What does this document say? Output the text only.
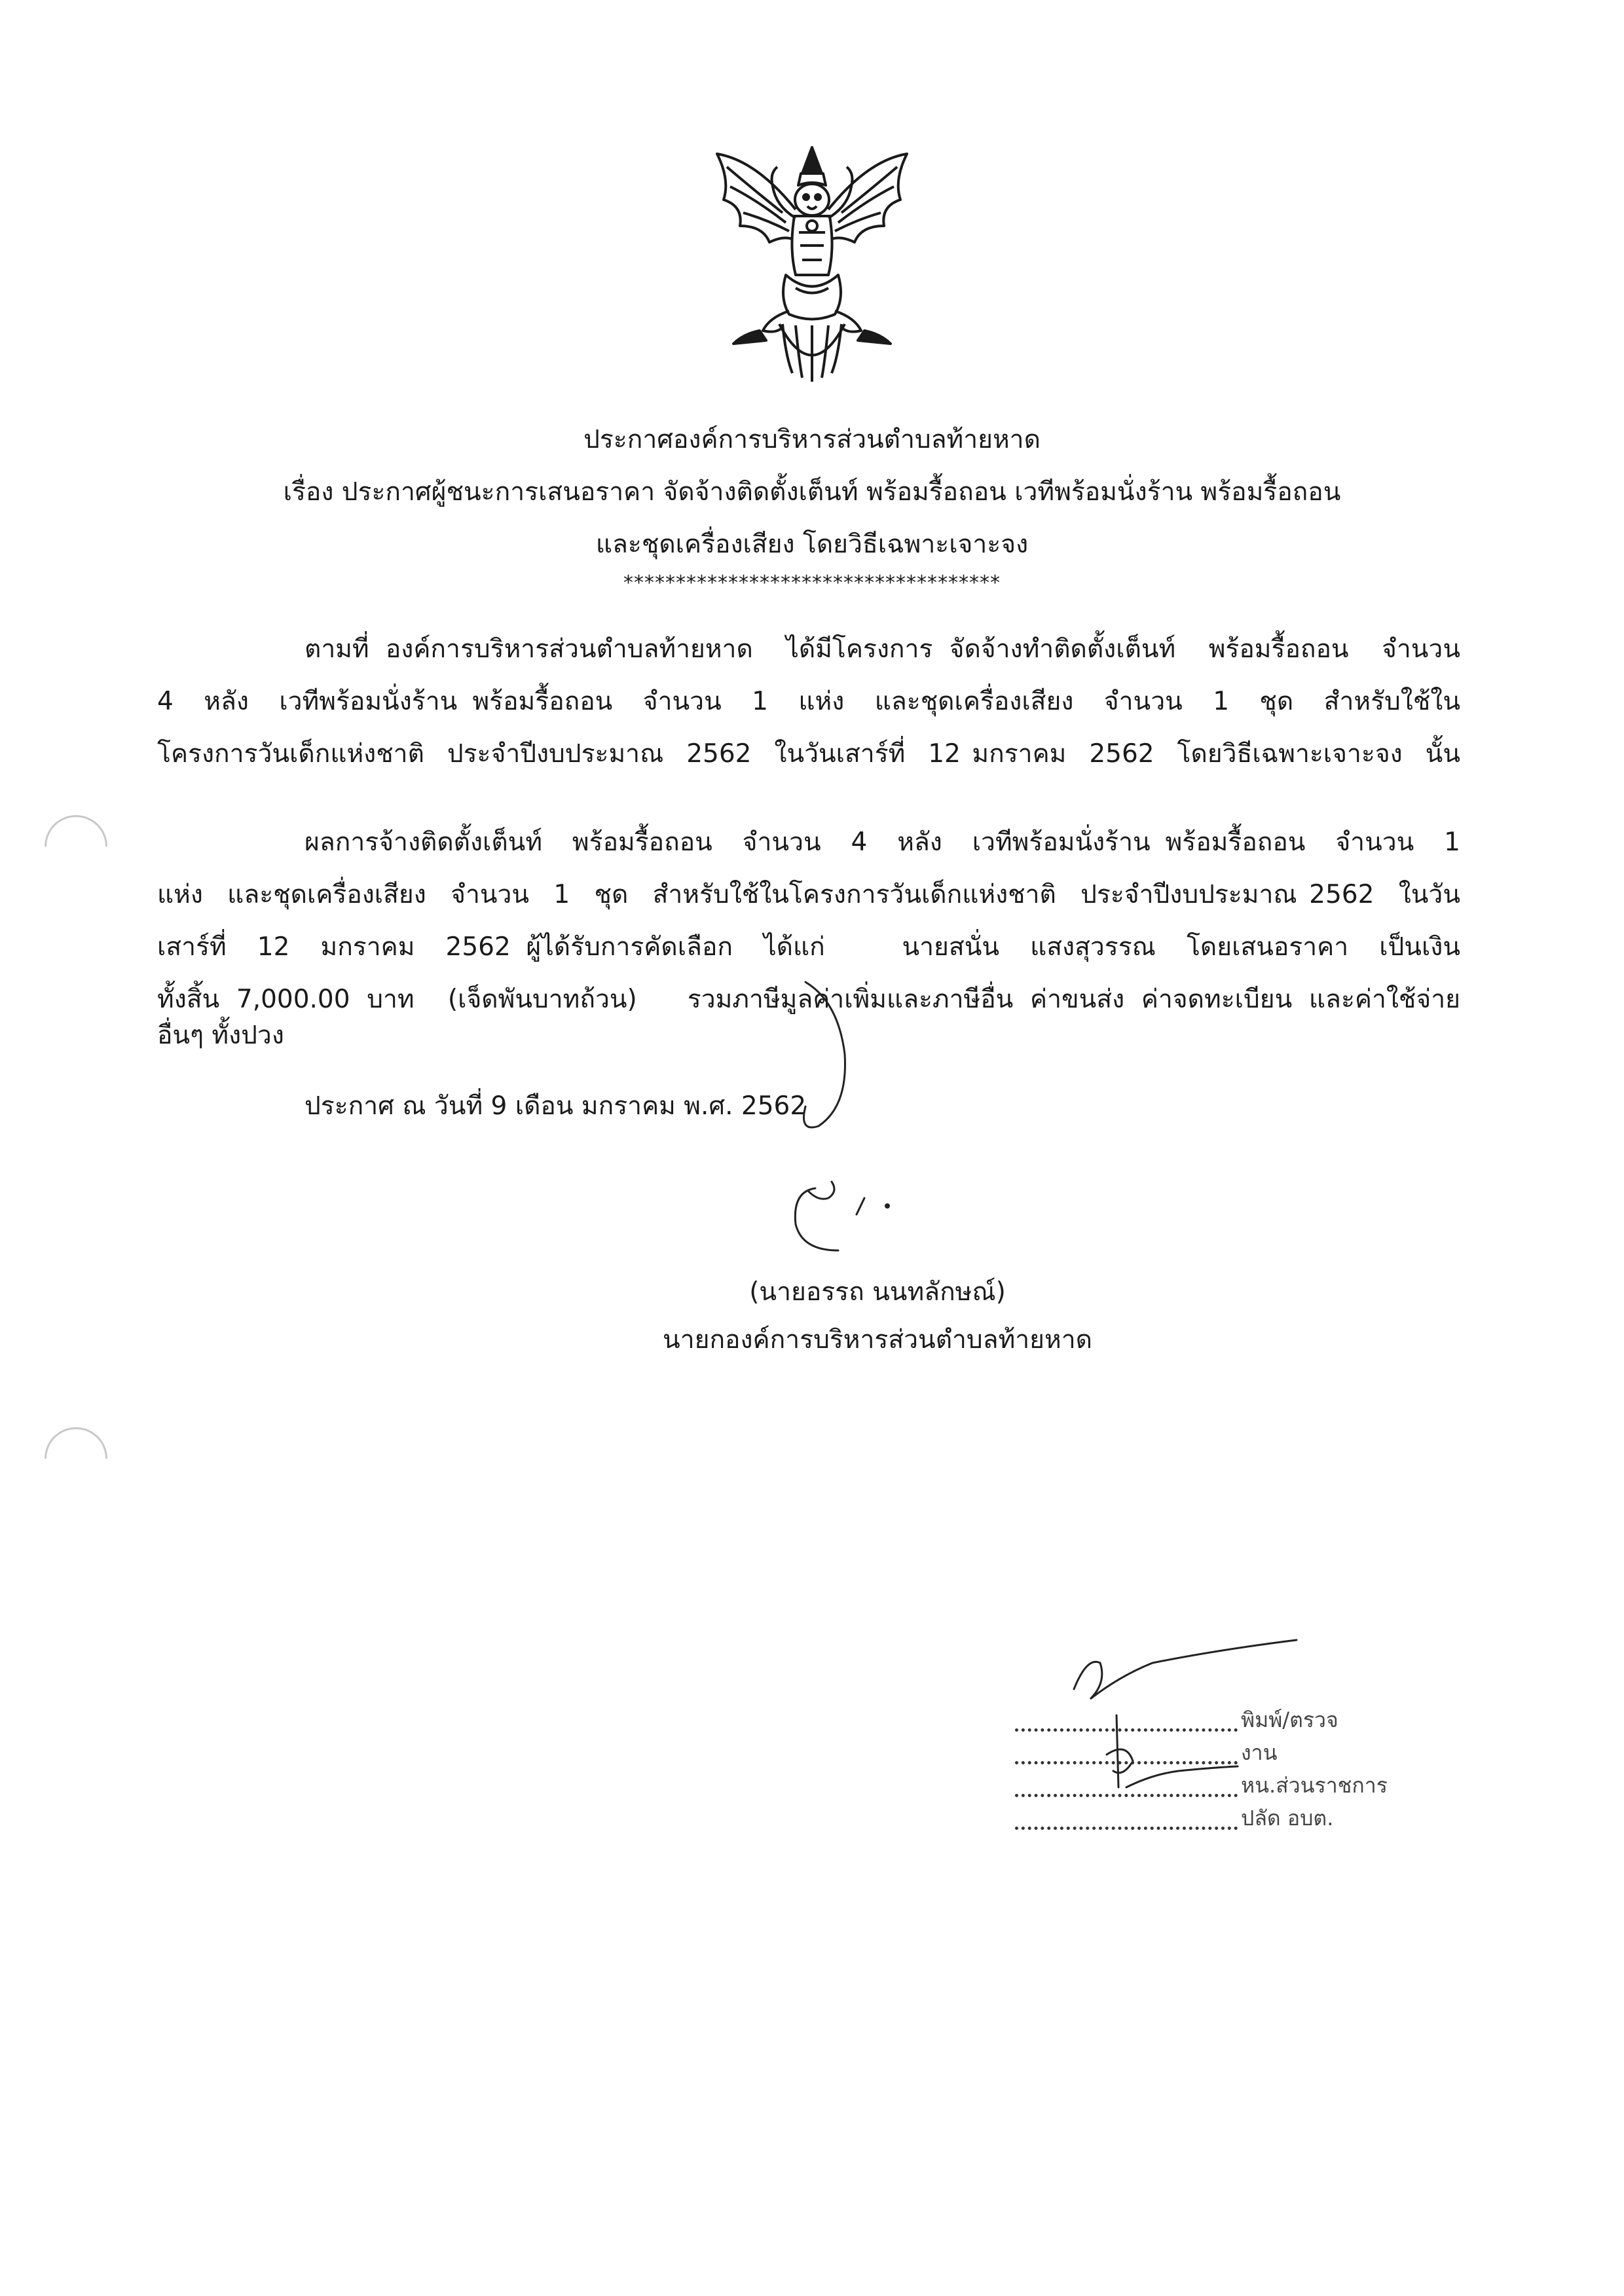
ประกาศองค์การบริหารส่วนตำบลท้ายหาด
เรื่อง ประกาศผู้ชนะการเสนอราคา จัดจ้างติดตั้งเต็นท์ พร้อมรื้อถอน เวทีพร้อมนั่งร้าน พร้อมรื้อถอน
และชุดเครื่องเสียง โดยวิธีเฉพาะเจาะจง
************************************
ตามที่ องค์การบริหารส่วนตำบลท้ายหาด  ได้มีโครงการ จัดจ้างทำติดตั้งเต็นท์  พร้อมรื้อถอน  จำนวน
4  หลัง  เวทีพร้อมนั่งร้าน พร้อมรื้อถอน  จำนวน  1  แห่ง  และชุดเครื่องเสียง  จำนวน  1  ชุด  สำหรับใช้ใน
โครงการวันเด็กแห่งชาติ  ประจำปีงบประมาณ  2562  ในวันเสาร์ที่  12 มกราคม  2562  โดยวิธีเฉพาะเจาะจง  นั้น
ผลการจ้างติดตั้งเต็นท์  พร้อมรื้อถอน  จำนวน  4  หลัง  เวทีพร้อมนั่งร้าน พร้อมรื้อถอน  จำนวน  1
แห่ง  และชุดเครื่องเสียง  จำนวน  1  ชุด  สำหรับใช้ในโครงการวันเด็กแห่งชาติ  ประจำปีงบประมาณ 2562  ในวัน
เสาร์ที่  12  มกราคม  2562 ผู้ได้รับการคัดเลือก  ได้แก่     นายสนั่น  แสงสุวรรณ  โดยเสนอราคา  เป็นเงิน
ทั้งสิ้น 7,000.00 บาท  (เจ็ดพันบาทถ้วน)   รวมภาษีมูลค่าเพิ่มและภาษีอื่น ค่าขนส่ง ค่าจดทะเบียน และค่าใช้จ่าย
อื่นๆ ทั้งปวง
ประกาศ ณ วันที่ 9 เดือน มกราคม พ.ศ. 2562
(นายอรรถ นนทลักษณ์)
นายกองค์การบริหารส่วนตำบลท้ายหาด
พิมพ์/ตรวจ
งาน
หน.ส่วนราชการ
ปลัด อบต.
